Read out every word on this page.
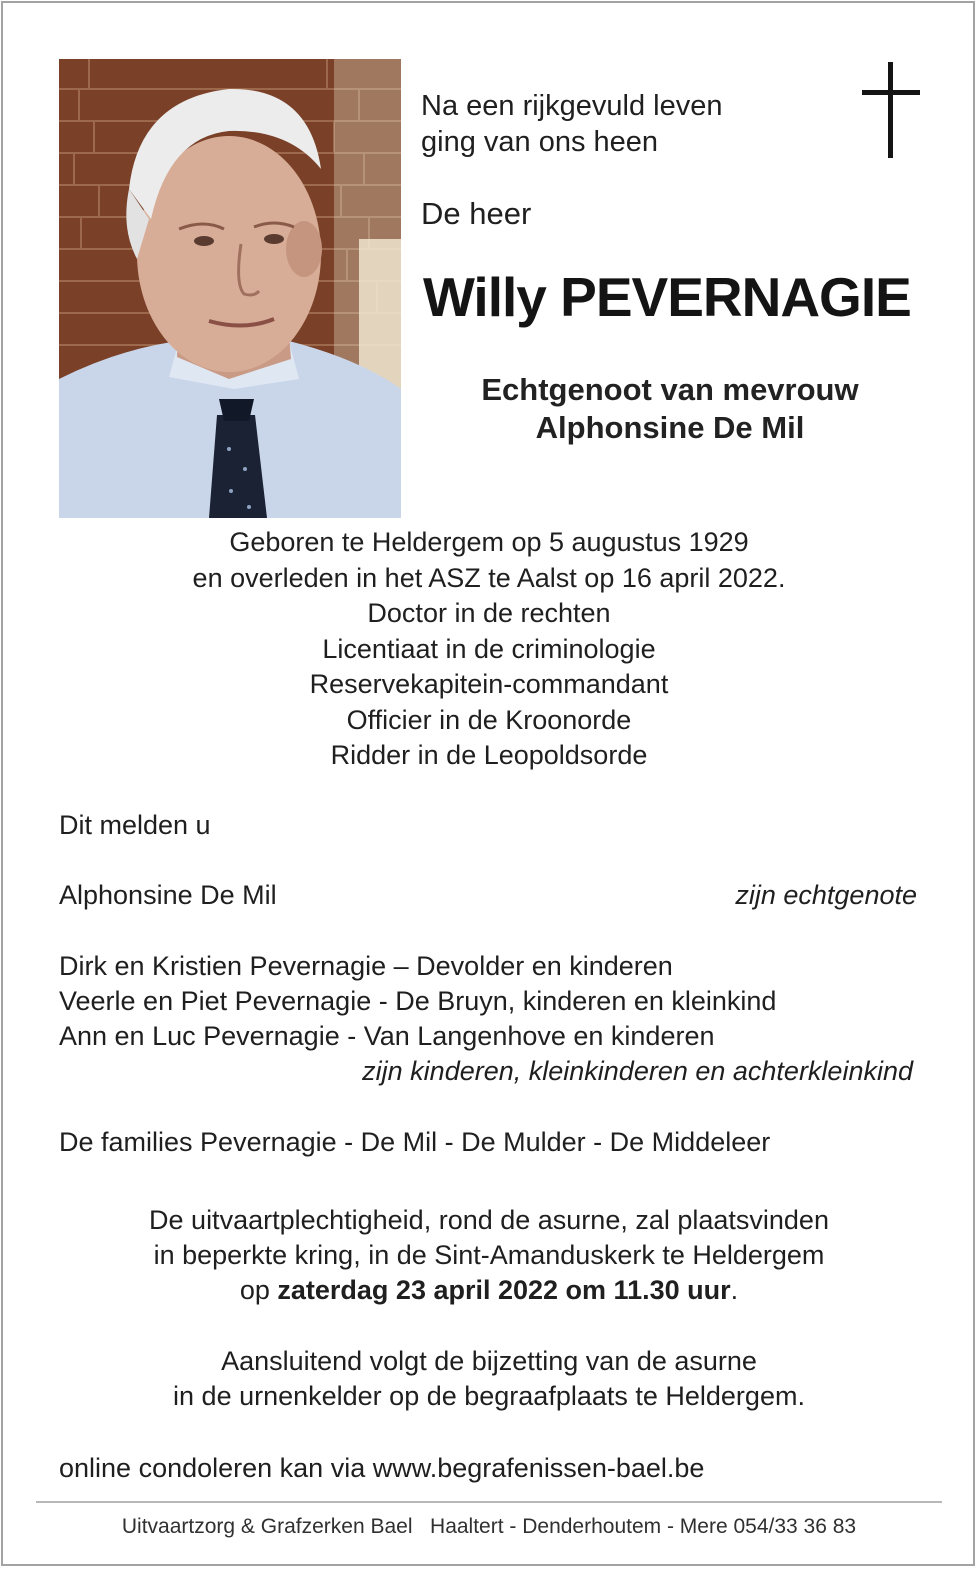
Na een rijkgevuld leven
ging van ons heen
De heer
Willy PEVERNAGIE
Echtgenoot van mevrouw
Alphonsine De Mil
Geboren te Heldergem op 5 augustus 1929
en overleden in het ASZ te Aalst op 16 april 2022.
Doctor in de rechten
Licentiaat in de criminologie
Reservekapitein-commandant
Officier in de Kroonorde
Ridder in de Leopoldsorde
Dit melden u
Alphonsine De Mil	zijn echtgenote
Dirk en Kristien Pevernagie – Devolder en kinderen
Veerle en Piet Pevernagie - De Bruyn, kinderen en kleinkind
Ann en Luc Pevernagie - Van Langenhove en kinderen
zijn kinderen, kleinkinderen en achterkleinkind
De families Pevernagie - De Mil - De Mulder - De Middeleer
De uitvaartplechtigheid, rond de asurne, zal plaatsvinden
in beperkte kring, in de Sint-Amanduskerk te Heldergem
op zaterdag 23 april 2022 om 11.30 uur.
Aansluitend volgt de bijzetting van de asurne
in de urnenkelder op de begraafplaats te Heldergem.
online condoleren kan via www.begrafenissen-bael.be
Uitvaartzorg & Grafzerken Bael Haaltert - Denderhoutem - Mere 054/33 36 83
